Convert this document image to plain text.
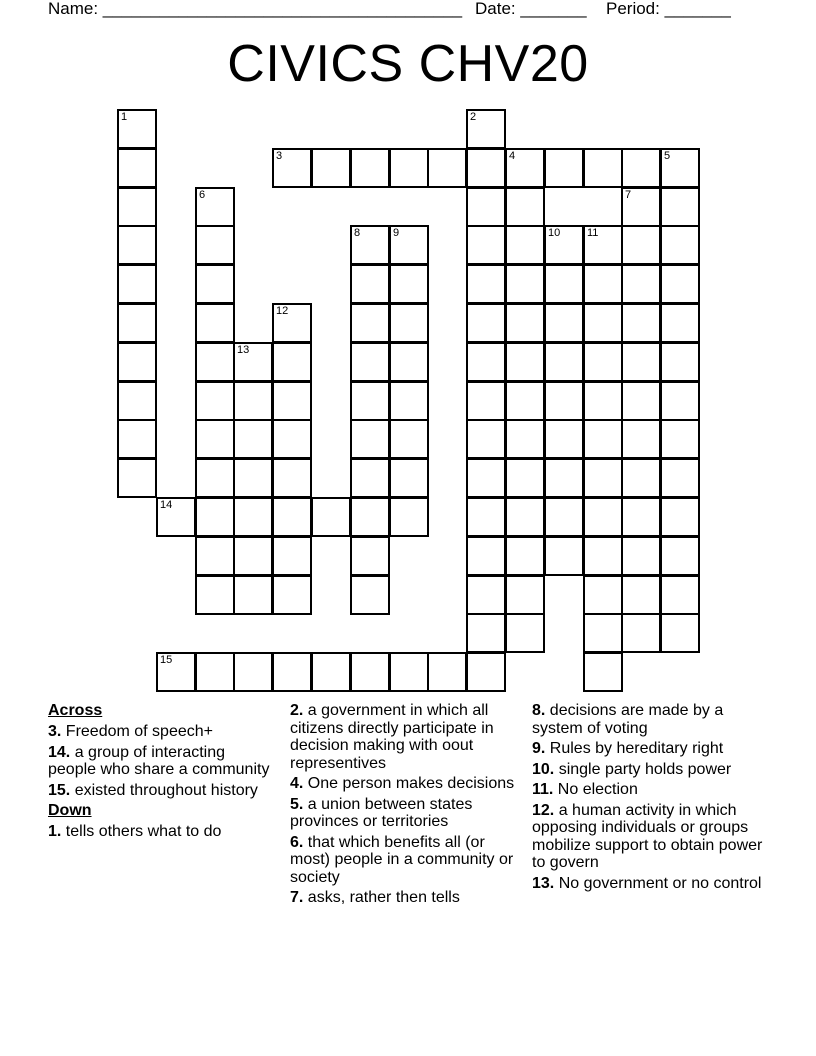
Name: ______________________________________ Date: _______ Period: _______
CIVICS CHV20
1	2
3	4	5
6	7
8	9	10 11
12
13
14
15
Across
3. Freedom of speech+
14. a group of interacting people who share a community
15. existed throughout history
Down
1. tells others what to do
2. a government in which all citizens directly participate in decision making with oout representives
4. One person makes decisions
5. a union between states provinces or territories
6. that which benefits all (or most) people in a community or society
7. asks, rather then tells
8. decisions are made by a system of voting
9. Rules by hereditary right
10. single party holds power
11. No election
12. a human activity in which opposing individuals or groups mobilize support to obtain power to govern
13. No government or no control
